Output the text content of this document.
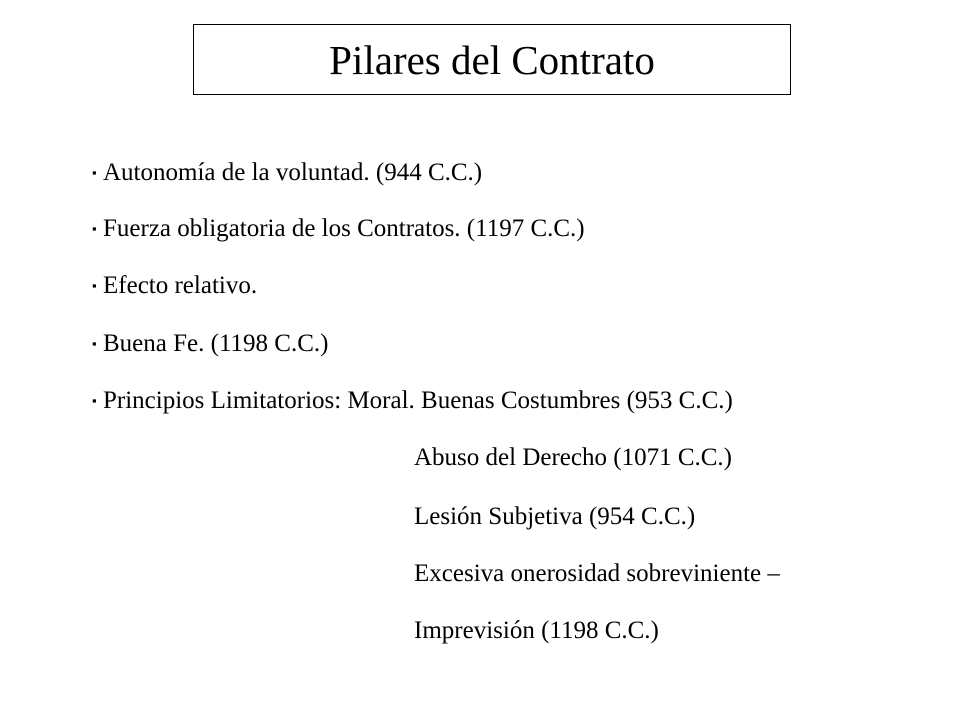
Pilares del Contrato
▪ Autonomía de la voluntad. (944 C.C.)
▪ Fuerza obligatoria de los Contratos. (1197 C.C.)
▪ Efecto relativo.
▪ Buena Fe. (1198 C.C.)
▪ Principios Limitatorios: Moral. Buenas Costumbres (953 C.C.)
Abuso del Derecho (1071 C.C.)
Lesión Subjetiva (954 C.C.)
Excesiva onerosidad sobreviniente –
Imprevisión (1198 C.C.)
